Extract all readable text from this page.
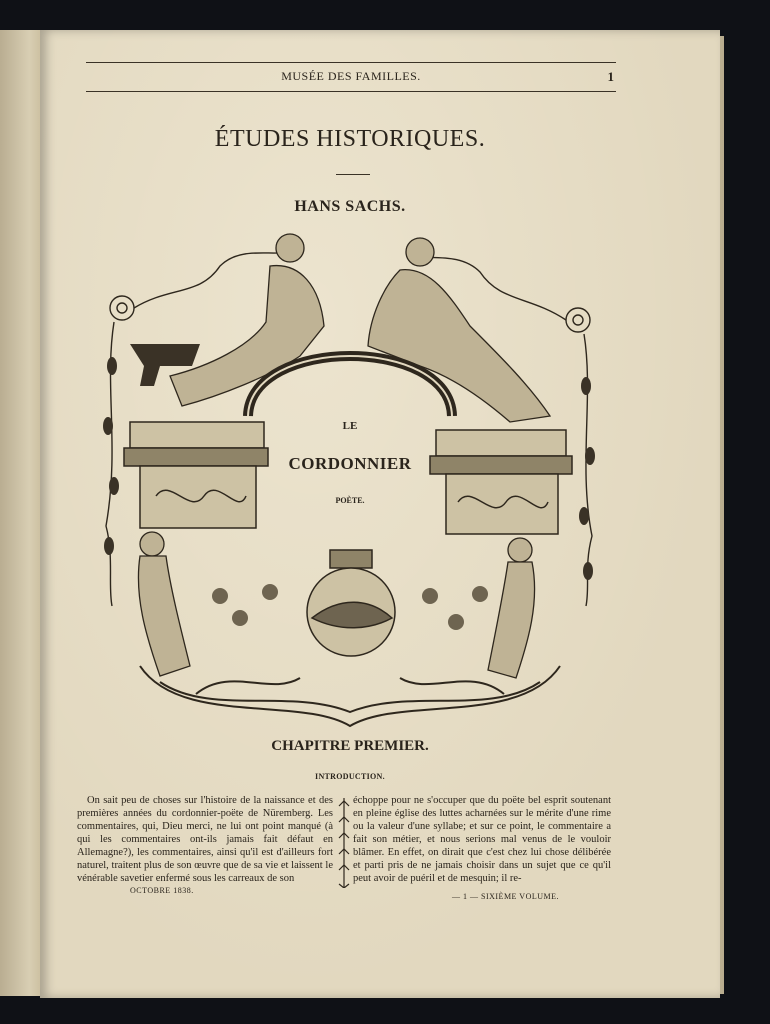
MUSÉE DES FAMILLES.	1
ÉTUDES HISTORIQUES.
HANS SACHS.
LE
CORDONNIER
POÈTE.
CHAPITRE PREMIER.
INTRODUCTION.
On sait peu de choses sur l'histoire de la naissance et des premières années du cordonnier-poëte de Nüremberg. Les commentaires, qui, Dieu merci, ne lui ont point manqué (à qui les commentaires ont-ils jamais fait défaut en Allemagne?), les commentaires, ainsi qu'il est d'ailleurs fort naturel, traitent plus de son œuvre que de sa vie et laissent le vénérable savetier enfermé sous les carreaux de son
échoppe pour ne s'occuper que du poëte bel esprit soutenant en pleine église des luttes acharnées sur le mérite d'une rime ou la valeur d'une syllabe; et sur ce point, le commentaire a fait son métier, et nous serions mal venus de le vouloir blâmer. En effet, on dirait que c'est chez lui chose délibérée et parti pris de ne jamais choisir dans un sujet que ce qu'il peut avoir de puéril et de mesquin; il re-
OCTOBRE 1838.
— 1 — SIXIÈME VOLUME.
